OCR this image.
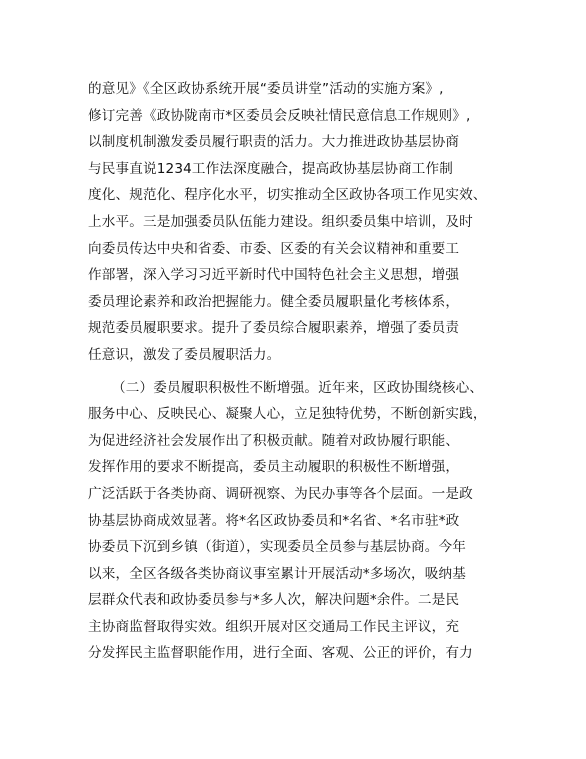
的意见》《全区政协系统开展“委员讲堂”活动的实施方案》,
修订完善《政协陇南市*区委员会反映社情民意信息工作规则》,
以制度机制激发委员履行职责的活力。大力推进政协基层协商
与民事直说1234工作法深度融合，提高政协基层协商工作制
度化、规范化、程序化水平，切实推动全区政协各项工作见实效、
上水平。三是加强委员队伍能力建设。组织委员集中培训，及时
向委员传达中央和省委、市委、区委的有关会议精神和重要工
作部署，深入学习习近平新时代中国特色社会主义思想，增强
委员理论素养和政治把握能力。健全委员履职量化考核体系，
规范委员履职要求。提升了委员综合履职素养，增强了委员责
任意识，激发了委员履职活力。
（二）委员履职积极性不断增强。近年来，区政协围绕核心、
服务中心、反映民心、凝聚人心，立足独特优势，不断创新实践，
为促进经济社会发展作出了积极贡献。随着对政协履行职能、
发挥作用的要求不断提高，委员主动履职的积极性不断增强，
广泛活跃于各类协商、调研视察、为民办事等各个层面。一是政
协基层协商成效显著。将*名区政协委员和*名省、*名市驻*政
协委员下沉到乡镇（街道），实现委员全员参与基层协商。今年
以来，全区各级各类协商议事室累计开展活动*多场次，吸纳基
层群众代表和政协委员参与*多人次，解决问题*余件。二是民
主协商监督取得实效。组织开展对区交通局工作民主评议，充
分发挥民主监督职能作用，进行全面、客观、公正的评价，有力
